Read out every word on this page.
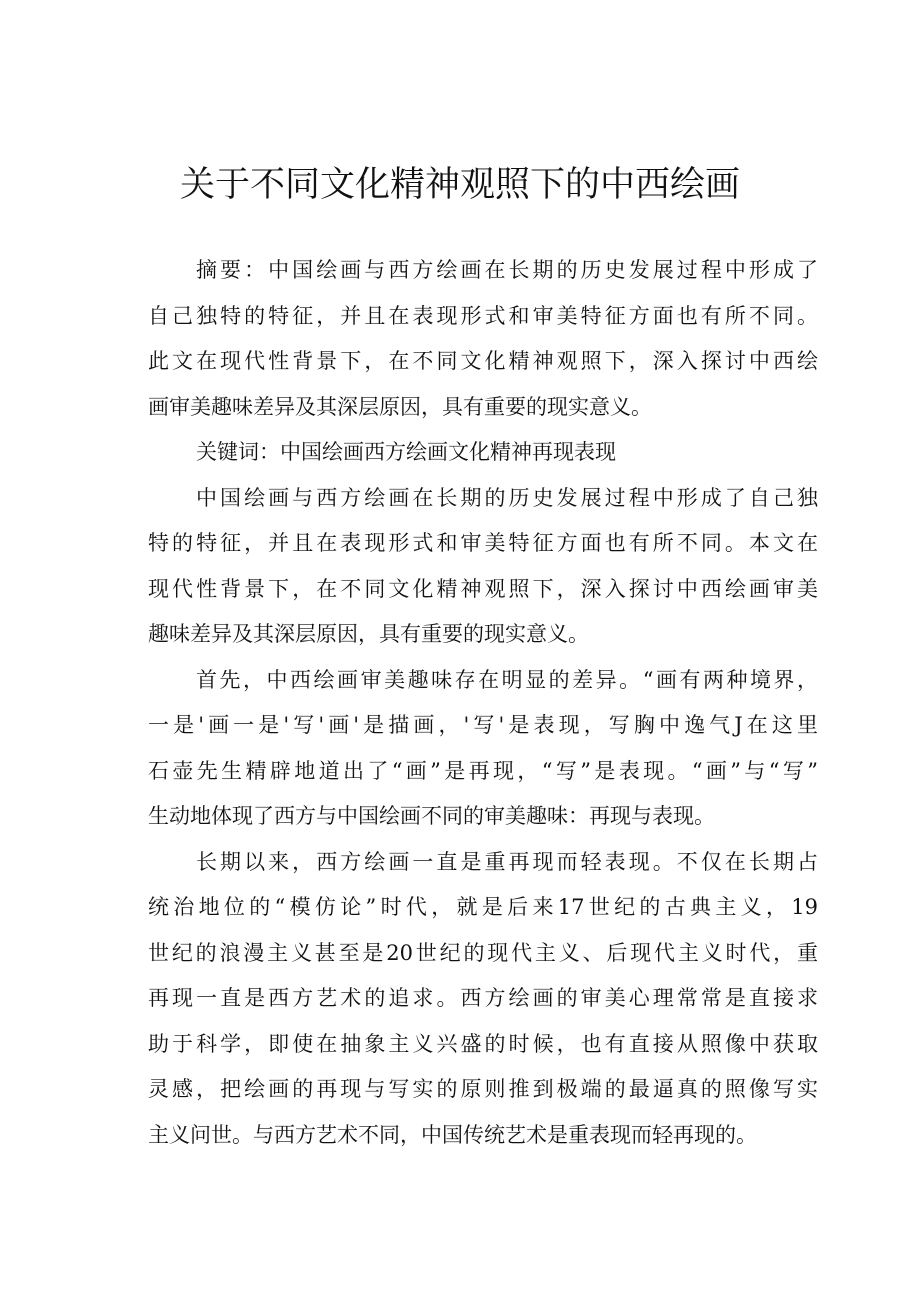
关于不同文化精神观照下的中西绘画
摘要：中国绘画与西方绘画在长期的历史发展过程中形成了
自己独特的特征，并且在表现形式和审美特征方面也有所不同。
此文在现代性背景下，在不同文化精神观照下，深入探讨中西绘
画审美趣味差异及其深层原因，具有重要的现实意义。
关键词：中国绘画西方绘画文化精神再现表现
中国绘画与西方绘画在长期的历史发展过程中形成了自己独
特的特征，并且在表现形式和审美特征方面也有所不同。本文在
现代性背景下，在不同文化精神观照下，深入探讨中西绘画审美
趣味差异及其深层原因，具有重要的现实意义。
首先，中西绘画审美趣味存在明显的差异。“画有两种境界，
一是'画一是'写'画'是描画，'写'是表现，写胸中逸气J在这里
石壶先生精辟地道出了“画”是再现，“写”是表现。“画”与“写”
生动地体现了西方与中国绘画不同的审美趣味：再现与表现。
长期以来，西方绘画一直是重再现而轻表现。不仅在长期占
统治地位的“模仿论”时代，就是后来17世纪的古典主义，19
世纪的浪漫主义甚至是20世纪的现代主义、后现代主义时代，重
再现一直是西方艺术的追求。西方绘画的审美心理常常是直接求
助于科学，即使在抽象主义兴盛的时候，也有直接从照像中获取
灵感，把绘画的再现与写实的原则推到极端的最逼真的照像写实
主义问世。与西方艺术不同，中国传统艺术是重表现而轻再现的。
